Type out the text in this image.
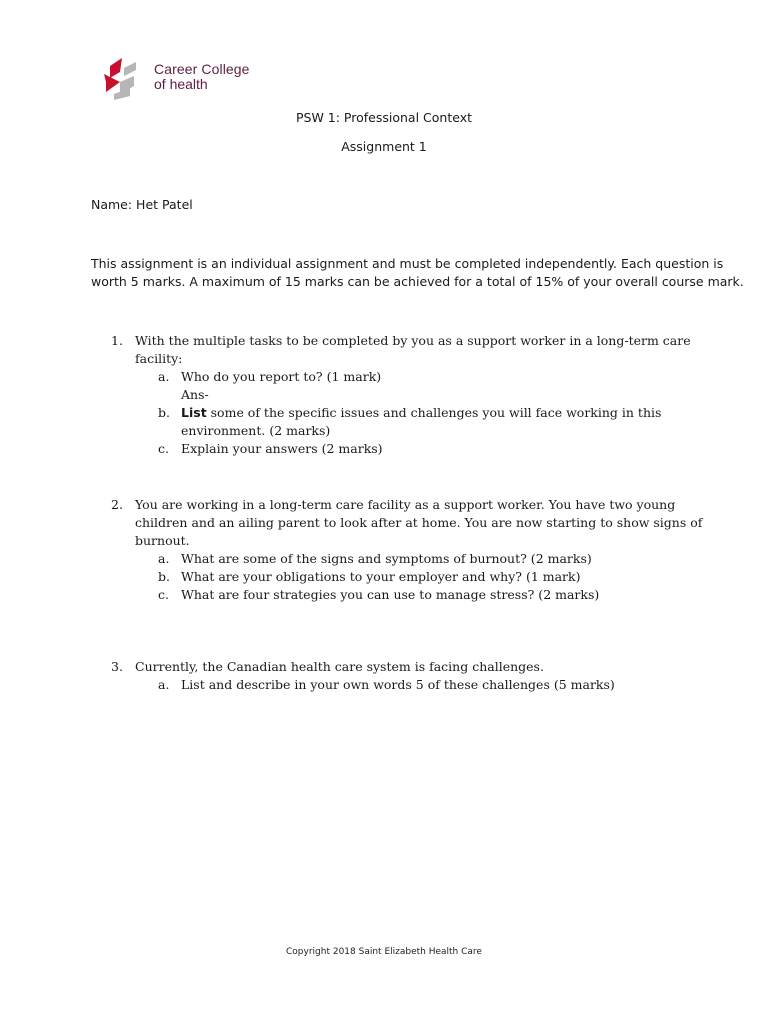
Career College
of health
PSW 1: Professional Context
Assignment 1
Name: Het Patel
This assignment is an individual assignment and must be completed independently. Each question is
worth 5 marks. A maximum of 15 marks can be achieved for a total of 15% of your overall course mark.
1. With the multiple tasks to be completed by you as a support worker in a long-term care
facility:
a. Who do you report to? (1 mark)
Ans-
b. List some of the specific issues and challenges you will face working in this
environment. (2 marks)
c. Explain your answers (2 marks)
2. You are working in a long-term care facility as a support worker. You have two young
children and an ailing parent to look after at home. You are now starting to show signs of
burnout.
a. What are some of the signs and symptoms of burnout? (2 marks)
b. What are your obligations to your employer and why? (1 mark)
c. What are four strategies you can use to manage stress? (2 marks)
3. Currently, the Canadian health care system is facing challenges.
a. List and describe in your own words 5 of these challenges (5 marks)
Copyright 2018 Saint Elizabeth Health Care
